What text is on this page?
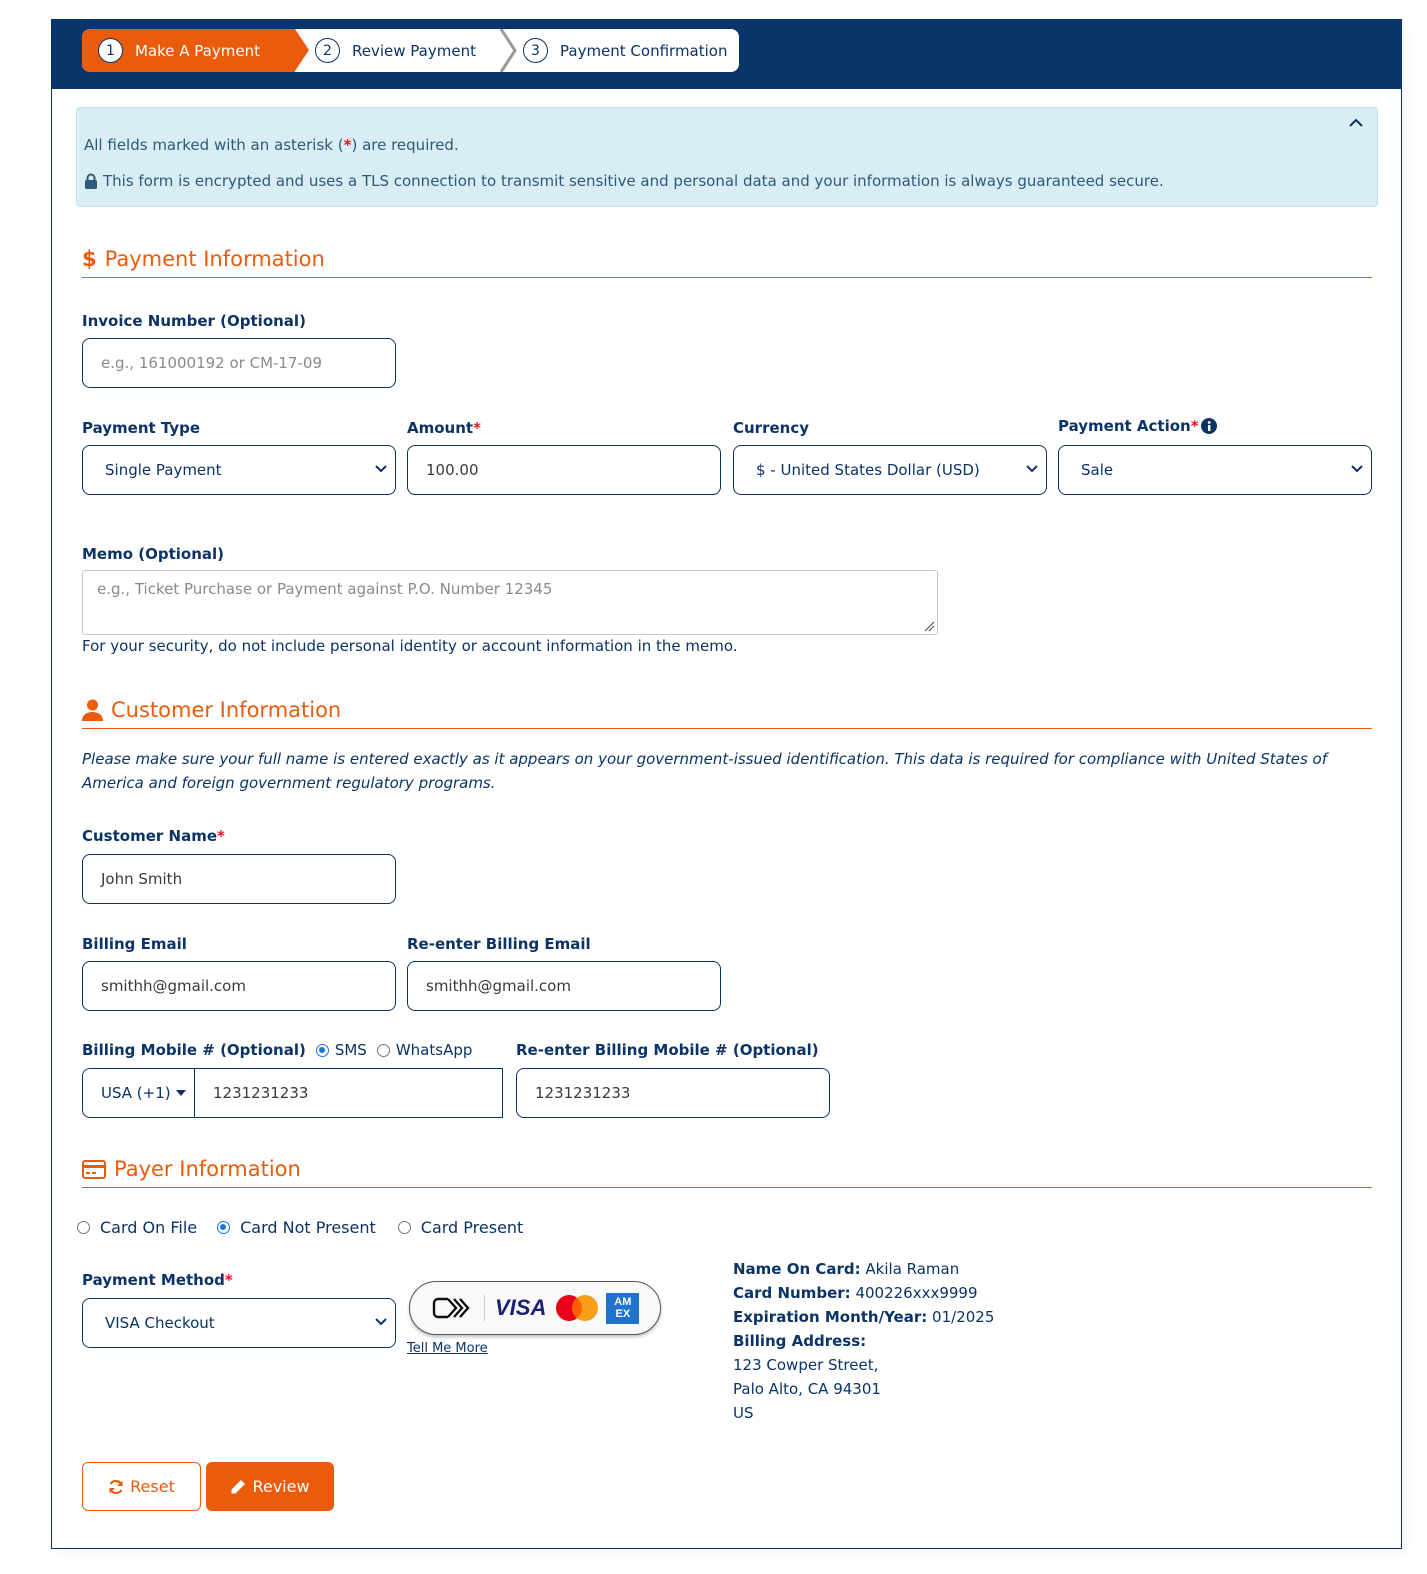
1	Make A Payment	2	Review Payment	3	Payment Confirmation
All fields marked with an asterisk (*) are required.
This form is encrypted and uses a TLS connection to transmit sensitive and personal data and your information is always guaranteed secure.
$ Payment Information
Invoice Number (Optional)
e.g., 161000192 or CM-17-09
Payment Type
Single Payment
Amount*
100.00
Currency
$ - United States Dollar (USD)
Payment Action *
Sale
Memo (Optional)
e.g., Ticket Purchase or Payment against P.O. Number 12345
For your security, do not include personal identity or account information in the memo.
Customer Information
Please make sure your full name is entered exactly as it appears on your government-issued identification. This data is required for compliance with United States of America and foreign government regulatory programs.
Customer Name*
John Smith
Billing Email
smithh@gmail.com
Re-enter Billing Email
smithh@gmail.com
Billing Mobile # (Optional) SMS WhatsApp
USA (+1)	1231231233
Re-enter Billing Mobile # (Optional)
1231231233
Payer Information
Card On File	Card Not Present	Card Present
Payment Method*
VISA Checkout
VISA	AM
EX
Tell Me More
Name On Card: Akila Raman
Card Number: 400226xxx9999
Expiration Month/Year: 01/2025
Billing Address:
123 Cowper Street,
Palo Alto, CA 94301
US
Reset	Review
